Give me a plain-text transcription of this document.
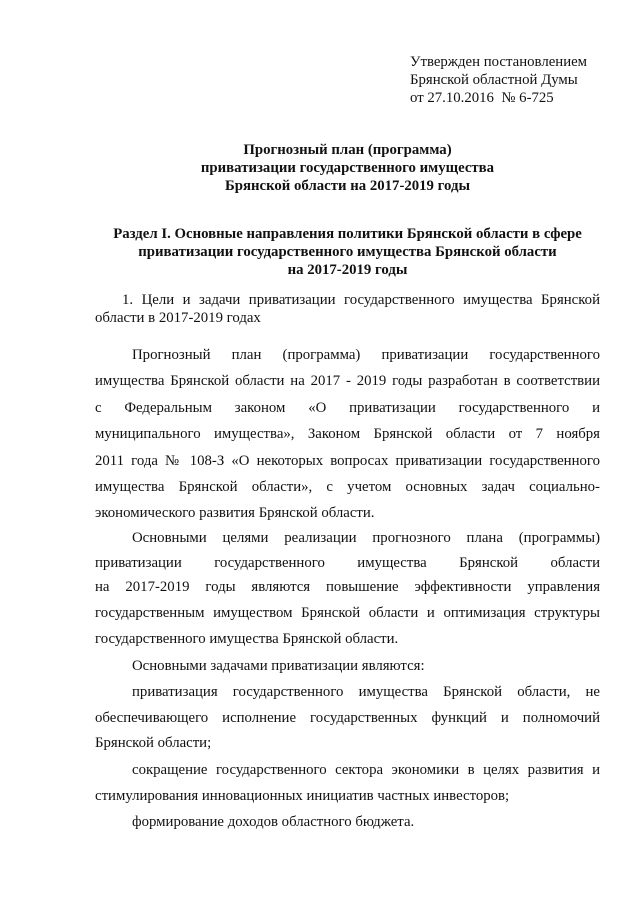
Утвержден постановлением
Брянской областной Думы
от 27.10.2016  № 6-725
Прогнозный план (программа)
приватизации государственного имущества
Брянской области на 2017-2019 годы
Раздел I. Основные направления политики Брянской области в сфере
приватизации государственного имущества Брянской области
на 2017-2019 годы
1. Цели и задачи приватизации государственного имущества Брянской
области в 2017-2019 годах
Прогнозный план (программа) приватизации государственного
имущества Брянской области на 2017 - 2019 годы разработан в соответствии
с Федеральным законом «О приватизации государственного и
муниципального имущества», Законом Брянской области от 7 ноября
2011 года № 108-З «О некоторых вопросах приватизации государственного
имущества Брянской области», с учетом основных задач социально-
экономического развития Брянской области.
Основными целями реализации прогнозного плана (программы)
приватизации государственного имущества Брянской области
на 2017-2019 годы являются повышение эффективности управления
государственным имуществом Брянской области и оптимизация структуры
государственного имущества Брянской области.
Основными задачами приватизации являются:
приватизация государственного имущества Брянской области, не
обеспечивающего исполнение государственных функций и полномочий
Брянской области;
сокращение государственного сектора экономики в целях развития и
стимулирования инновационных инициатив частных инвесторов;
формирование доходов областного бюджета.
